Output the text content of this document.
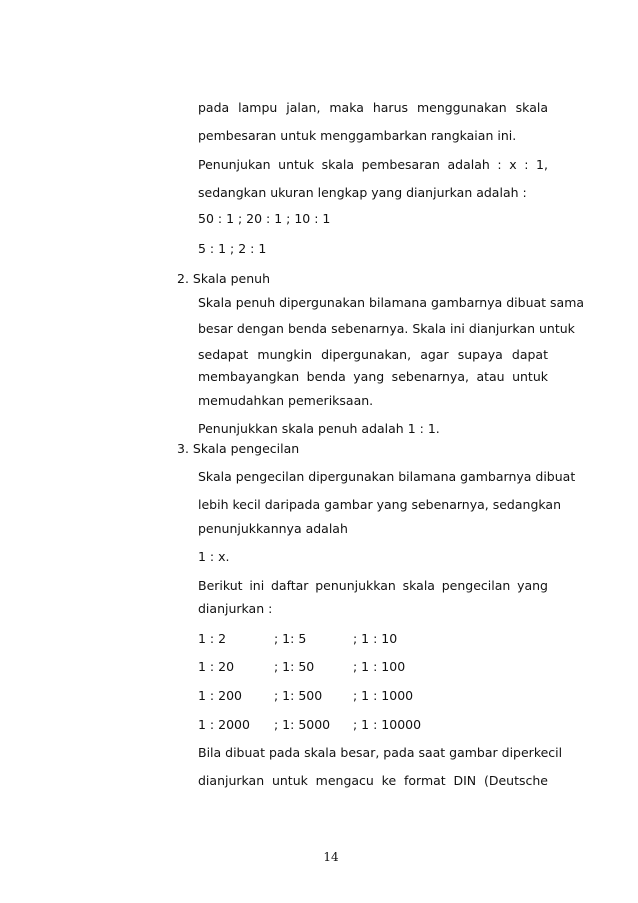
pada lampu jalan, maka harus menggunakan skala
pembesaran untuk menggambarkan rangkaian ini.
Penunjukan untuk skala pembesaran adalah : x : 1,
sedangkan ukuran lengkap yang dianjurkan adalah :
50 : 1 ; 20 : 1 ; 10 : 1
5 : 1 ; 2 : 1
2. Skala penuh
Skala penuh dipergunakan bilamana gambarnya dibuat sama
besar dengan benda sebenarnya. Skala ini dianjurkan untuk
sedapat mungkin dipergunakan, agar supaya dapat
membayangkan benda yang sebenarnya, atau untuk
memudahkan pemeriksaan.
Penunjukkan skala penuh adalah 1 : 1.
3. Skala pengecilan
Skala pengecilan dipergunakan bilamana gambarnya dibuat
lebih kecil daripada gambar yang sebenarnya, sedangkan
penunjukkannya adalah
1 : x.
Berikut ini daftar penunjukkan skala pengecilan yang
dianjurkan :
1 : 2	; 1: 5	; 1 : 10
1 : 20	; 1: 50	; 1 : 100
1 : 200	; 1: 500 ; 1 : 1000
1 : 2000 ; 1: 5000 ; 1 : 10000
Bila dibuat pada skala besar, pada saat gambar diperkecil
dianjurkan untuk mengacu ke format DIN (Deutsche
14
